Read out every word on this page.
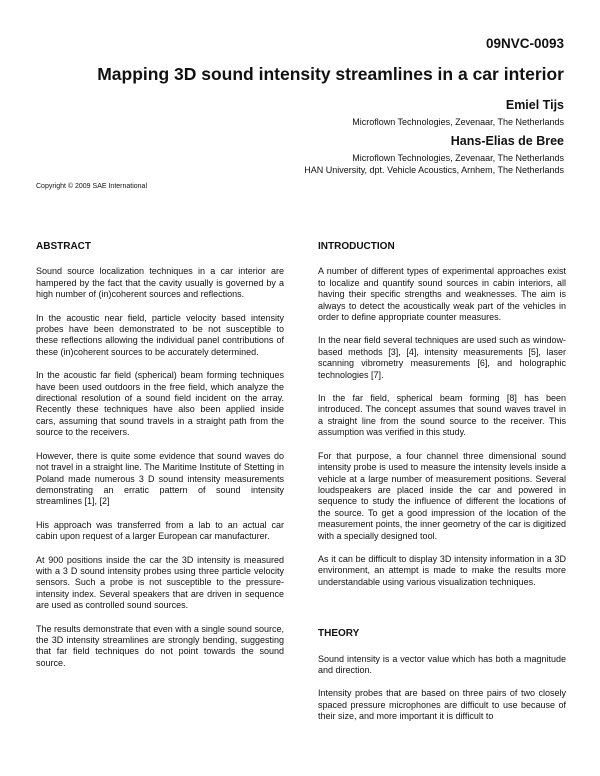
09NVC-0093
Mapping 3D sound intensity streamlines in a car interior
Emiel Tijs
Microflown Technologies, Zevenaar, The Netherlands
Hans-Elias de Bree
Microflown Technologies, Zevenaar, The Netherlands
HAN University, dpt. Vehicle Acoustics, Arnhem, The Netherlands
Copyright © 2009 SAE International
ABSTRACT

Sound source localization techniques in a car interior are hampered by the fact that the cavity usually is governed by a high number of (in)coherent sources and reflections.

In the acoustic near field, particle velocity based intensity probes have been demonstrated to be not susceptible to these reflections allowing the individual panel contributions of these (in)coherent sources to be accurately determined.

In the acoustic far field (spherical) beam forming techniques have been used outdoors in the free field, which analyze the directional resolution of a sound field incident on the array. Recently these techniques have also been applied inside cars, assuming that sound travels in a straight path from the source to the receivers.

However, there is quite some evidence that sound waves do not travel in a straight line. The Maritime Institute of Stetting in Poland made numerous 3 D sound intensity measurements demonstrating an erratic pattern of sound intensity streamlines [1], [2]

His approach was transferred from a lab to an actual car cabin upon request of a larger European car manufacturer.

At 900 positions inside the car the 3D intensity is measured with a 3 D sound intensity probes using three particle velocity sensors. Such a probe is not susceptible to the pressure-intensity index. Several speakers that are driven in sequence are used as controlled sound sources.

The results demonstrate that even with a single sound source, the 3D intensity streamlines are strongly bending, suggesting that far field techniques do not point towards the sound source.

INTRODUCTION

A number of different types of experimental approaches exist to localize and quantify sound sources in cabin interiors, all having their specific strengths and weaknesses. The aim is always to detect the acoustically weak part of the vehicles in order to define appropriate counter measures.

In the near field several techniques are used such as window-based methods [3], [4], intensity measurements [5], laser scanning vibrometry measurements [6], and holographic technologies [7].

In the far field, spherical beam forming [8] has been introduced. The concept assumes that sound waves travel in a straight line from the sound source to the receiver. This assumption was verified in this study.

For that purpose, a four channel three dimensional sound intensity probe is used to measure the intensity levels inside a vehicle at a large number of measurement positions. Several loudspeakers are placed inside the car and powered in sequence to study the influence of different the locations of the source. To get a good impression of the location of the measurement points, the inner geometry of the car is digitized with a specially designed tool.

As it can be difficult to display 3D intensity information in a 3D environment, an attempt is made to make the results more understandable using various visualization techniques.

THEORY

Sound intensity is a vector value which has both a magnitude and direction.

Intensity probes that are based on three pairs of two closely spaced pressure microphones are difficult to use because of their size, and more important it is difficult to
